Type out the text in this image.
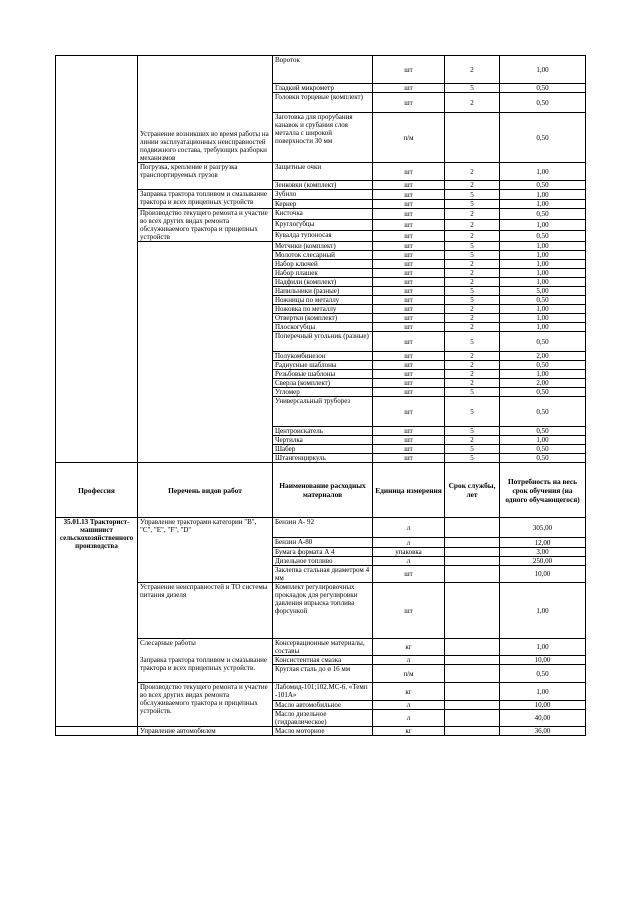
	Устранение возникших во время работы на линии эксплуатационных неисправностей подвижного состава, требующих разборки механизмов	Вороток	шт	2	1,00
		Гладкий микрометр	шт	5	0,50
		Головки торцевые (комплект)	шт	2	0,50
		Заготовка для прорубания канавок и срубания слоя металла с широкой поверхности 30 мм	п/м		0,50
	Погрузка, крепление и разгрузка транспортируемых грузов	Защитные очки	шт	2	1,00
		Зенковки (комплект)	шт	2	0,50
	Заправка трактора топливом и смазывание трактора и всех прицепных устройств	Зубило	шт	5	1,00
		Кернер	шт	5	1,00
	Производство текущего ремонта и участие во всех других видах ремонта обслуживаемого трактора и прицепных устройств	Кисточка	шт	2	0,50
		Круглогубцы	шт	2	1,00
		Кувалда тупоносая	шт	2	0,50
		Метчики (комплект)	шт	5	1,00
		Молоток слесарный	шт	5	1,00
		Набор ключей	шт	2	1,00
		Набор плашек	шт	2	1,00
		Надфили (комплект)	шт	2	1,00
		Напильники (разные)	шт	5	5,00
		Ножницы по металлу	шт	5	0,50
		Ножовка по металлу	шт	2	1,00
		Отвертки (комплект)	шт	2	1,00
		Плоскогубцы	шт	2	1,00
		Поперечный угольник (разные)	шт	5	0,50
		Полукомбинезон	шт	2	2,00
		Радиусные шаблоны	шт	2	0,50
		Резьбовые шаблоны	шт	2	1,00
		Сверла (комплект)	шт	2	2,00
		Угломер	шт	5	0,50
		Универсальный труборез	шт	5	0,50
		Центроискатель	шт	5	0,50
		Чертилка	шт	2	1,00
		Шабер	шт	5	0,50
		Штангенциркуль	шт	5	0,50
Профессия	Перечень видов работ	Наименование расходных материалов	Единица измерения	Срок службы, лет	Потребность на весь срок обучения (на одного обучающегося)
35.01.13 Тракторист-машинист сельскохозяйственного производства	Управление тракторами категории "В", "С", "Е", "F", "D"	Бензин А- 92	л		305,00
		Бензин А-80	л		12,00
		Бумага формата А 4	упаковка		3,00
		Дизельное топливо	л		250,00
		Заклепка стальная диаметром 4 мм	шт		10,00
	Устранение неисправностей и ТО системы питания дизеля	Комплект регулировочных прокладок для регулировки давления впрыска топлива форсункой	шт		1,00
	Слесарные работы	Консервационные материалы, составы	кг		1,00
	Заправка трактора топливом и смазывание трактора и всех прицепных устройств.	Консистентная смазка	л		10,00
		Круглая сталь до ø 16 мм	п/м		0,50
	Производство текущего ремонта и участие во всех других видах ремонта обслуживаемого трактора и прицепных устройств.	Лабомид-101;102.МС-6. «Темп -101А»	кг		1,00
		Масло автомобильное	л		10,00
		Масло дизельное (гидравлическое)	л		40,00
	Управление автомобилем	Масло моторное	кг		36,00
